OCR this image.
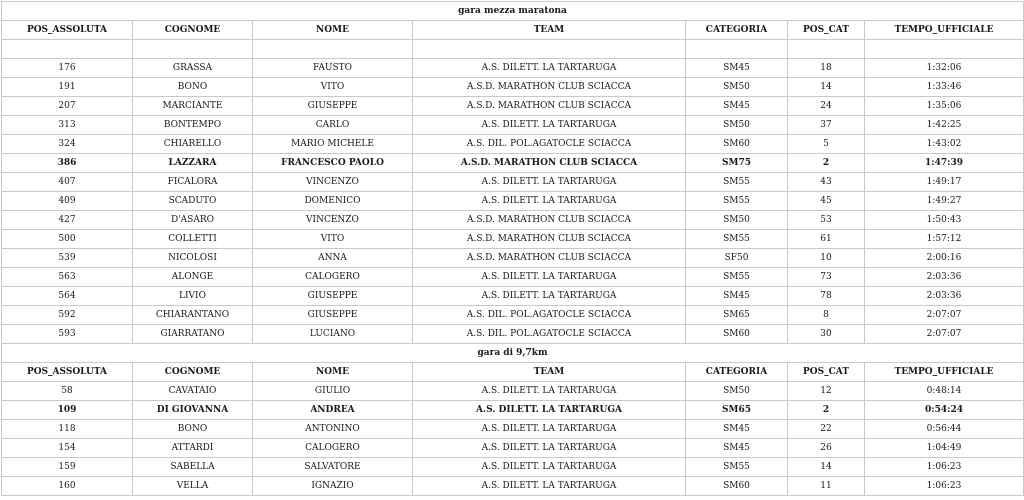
gara mezza maratona						
POS_ASSOLUTA	COGNOME	NOME	TEAM	CATEGORIA	POS_CAT	TEMPO_UFFICIALE

176	GRASSA	FAUSTO	A.S. DILETT. LA TARTARUGA	SM45	18	1:32:06
191	BONO	VITO	A.S.D. MARATHON CLUB SCIACCA	SM50	14	1:33:46
207	MARCIANTE	GIUSEPPE	A.S.D. MARATHON CLUB SCIACCA	SM45	24	1:35:06
313	BONTEMPO	CARLO	A.S. DILETT. LA TARTARUGA	SM50	37	1:42:25
324	CHIARELLO	MARIO MICHELE	A.S. DIL. POL.AGATOCLE SCIACCA	SM60	5	1:43:02
386	LAZZARA	FRANCESCO PAOLO	A.S.D. MARATHON CLUB SCIACCA	SM75	2	1:47:39
407	FICALORA	VINCENZO	A.S. DILETT. LA TARTARUGA	SM55	43	1:49:17
409	SCADUTO	DOMENICO	A.S. DILETT. LA TARTARUGA	SM55	45	1:49:27
427	D'ASARO	VINCENZO	A.S.D. MARATHON CLUB SCIACCA	SM50	53	1:50:43
500	COLLETTI	VITO	A.S.D. MARATHON CLUB SCIACCA	SM55	61	1:57:12
539	NICOLOSI	ANNA	A.S.D. MARATHON CLUB SCIACCA	SF50	10	2:00:16
563	ALONGE	CALOGERO	A.S. DILETT. LA TARTARUGA	SM55	73	2:03:36
564	LIVIO	GIUSEPPE	A.S. DILETT. LA TARTARUGA	SM45	78	2:03:36
592	CHIARANTANO	GIUSEPPE	A.S. DIL. POL.AGATOCLE SCIACCA	SM65	8	2:07:07
593	GIARRATANO	LUCIANO	A.S. DIL. POL.AGATOCLE SCIACCA	SM60	30	2:07:07
gara di 9,7km						
POS_ASSOLUTA	COGNOME	NOME	TEAM	CATEGORIA	POS_CAT	TEMPO_UFFICIALE
58	CAVATAIO	GIULIO	A.S. DILETT. LA TARTARUGA	SM50	12	0:48:14
109	DI GIOVANNA	ANDREA	A.S. DILETT. LA TARTARUGA	SM65	2	0:54:24
118	BONO	ANTONINO	A.S. DILETT. LA TARTARUGA	SM45	22	0:56:44
154	ATTARDI	CALOGERO	A.S. DILETT. LA TARTARUGA	SM45	26	1:04:49
159	SABELLA	SALVATORE	A.S. DILETT. LA TARTARUGA	SM55	14	1:06:23
160	VELLA	IGNAZIO	A.S. DILETT. LA TARTARUGA	SM60	11	1:06:23
